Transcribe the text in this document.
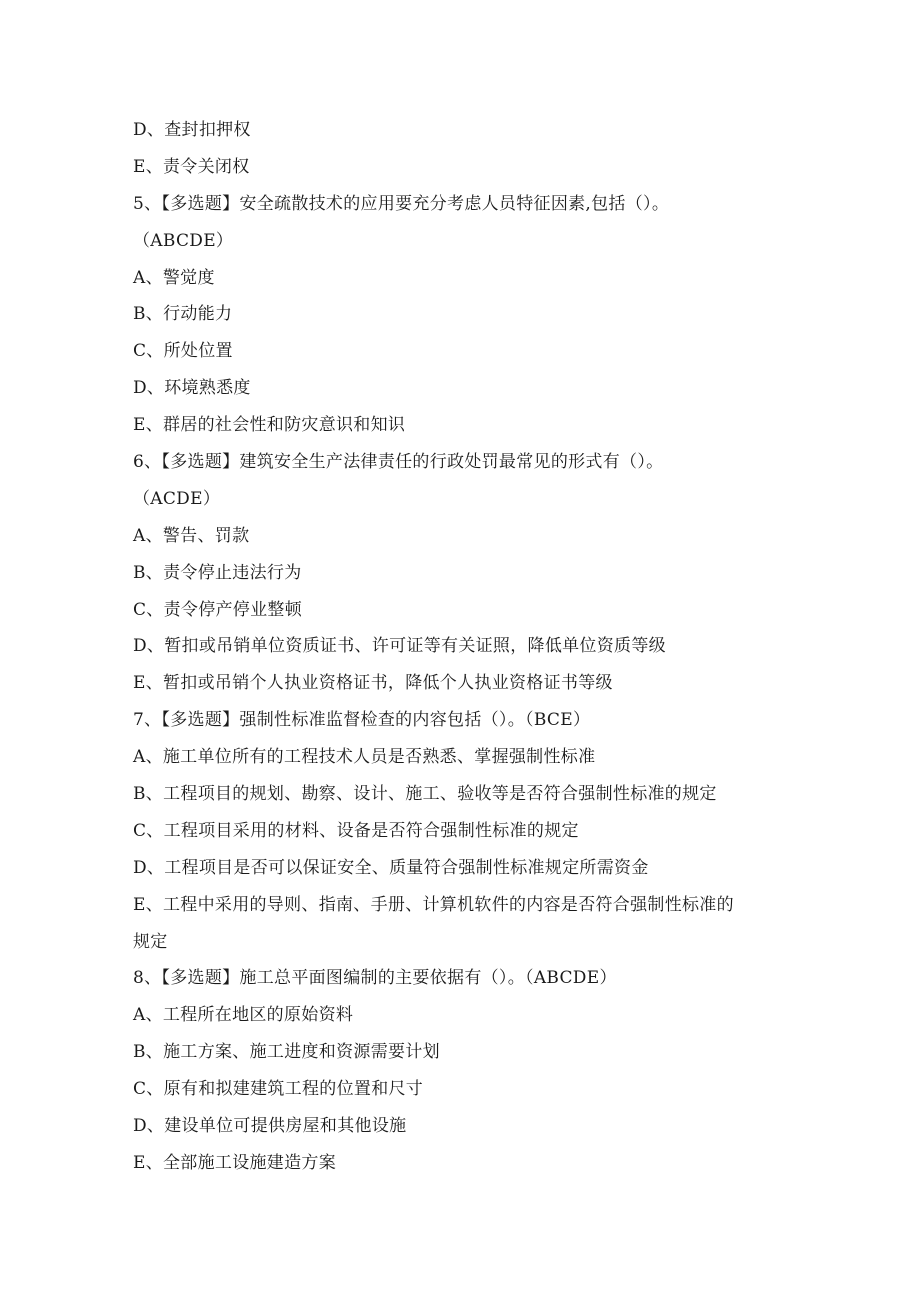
D、查封扣押权
E、责令关闭权
5、【多选题】安全疏散技术的应用要充分考虑人员特征因素,包括（）。
（ABCDE）
A、警觉度
B、行动能力
C、所处位置
D、环境熟悉度
E、群居的社会性和防灾意识和知识
6、【多选题】建筑安全生产法律责任的行政处罚最常见的形式有（）。
（ACDE）
A、警告、罚款
B、责令停止违法行为
C、责令停产停业整顿
D、暂扣或吊销单位资质证书、许可证等有关证照，降低单位资质等级
E、暂扣或吊销个人执业资格证书，降低个人执业资格证书等级
7、【多选题】强制性标准监督检查的内容包括（）。（BCE）
A、施工单位所有的工程技术人员是否熟悉、掌握强制性标准
B、工程项目的规划、勘察、设计、施工、验收等是否符合强制性标准的规定
C、工程项目采用的材料、设备是否符合强制性标准的规定
D、工程项目是否可以保证安全、质量符合强制性标准规定所需资金
E、工程中采用的导则、指南、手册、计算机软件的内容是否符合强制性标准的
规定
8、【多选题】施工总平面图编制的主要依据有（）。（ABCDE）
A、工程所在地区的原始资料
B、施工方案、施工进度和资源需要计划
C、原有和拟建建筑工程的位置和尺寸
D、建设单位可提供房屋和其他设施
E、全部施工设施建造方案
